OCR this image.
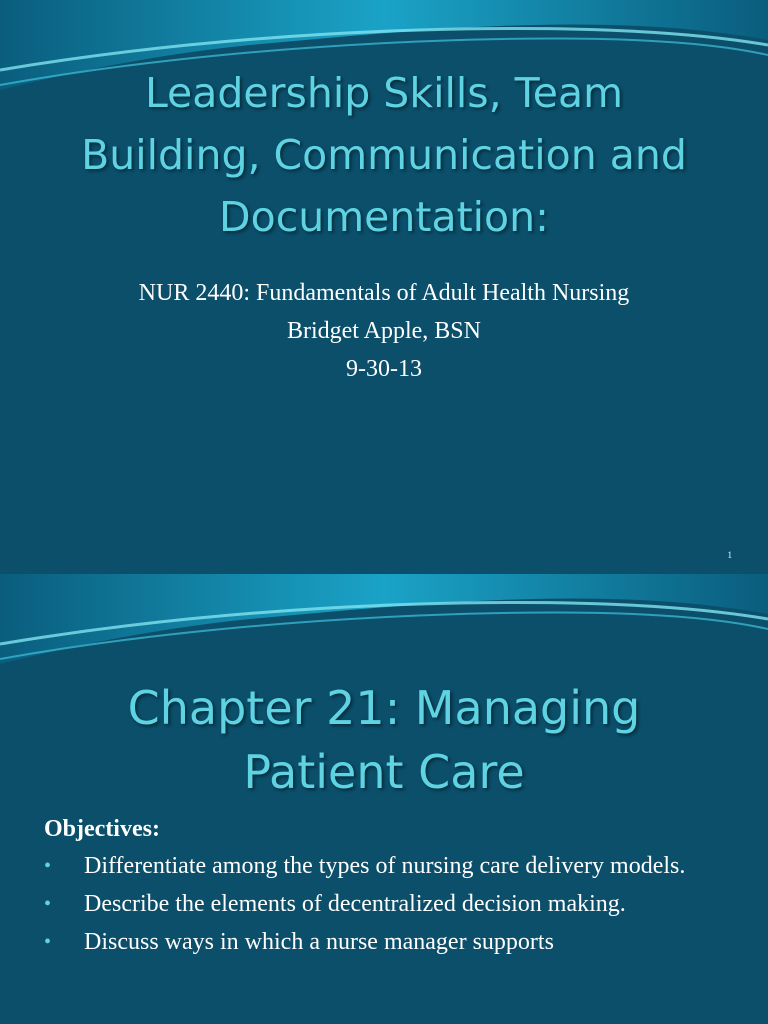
Leadership Skills, Team
Building, Communication and
Documentation:
NUR 2440: Fundamentals of Adult Health Nursing
Bridget Apple, BSN
9-30-13
1
Chapter 21: Managing
Patient Care
Objectives:
• Differentiate among the types of nursing care delivery models.
• Describe the elements of decentralized decision making.
• Discuss ways in which a nurse manager supports
